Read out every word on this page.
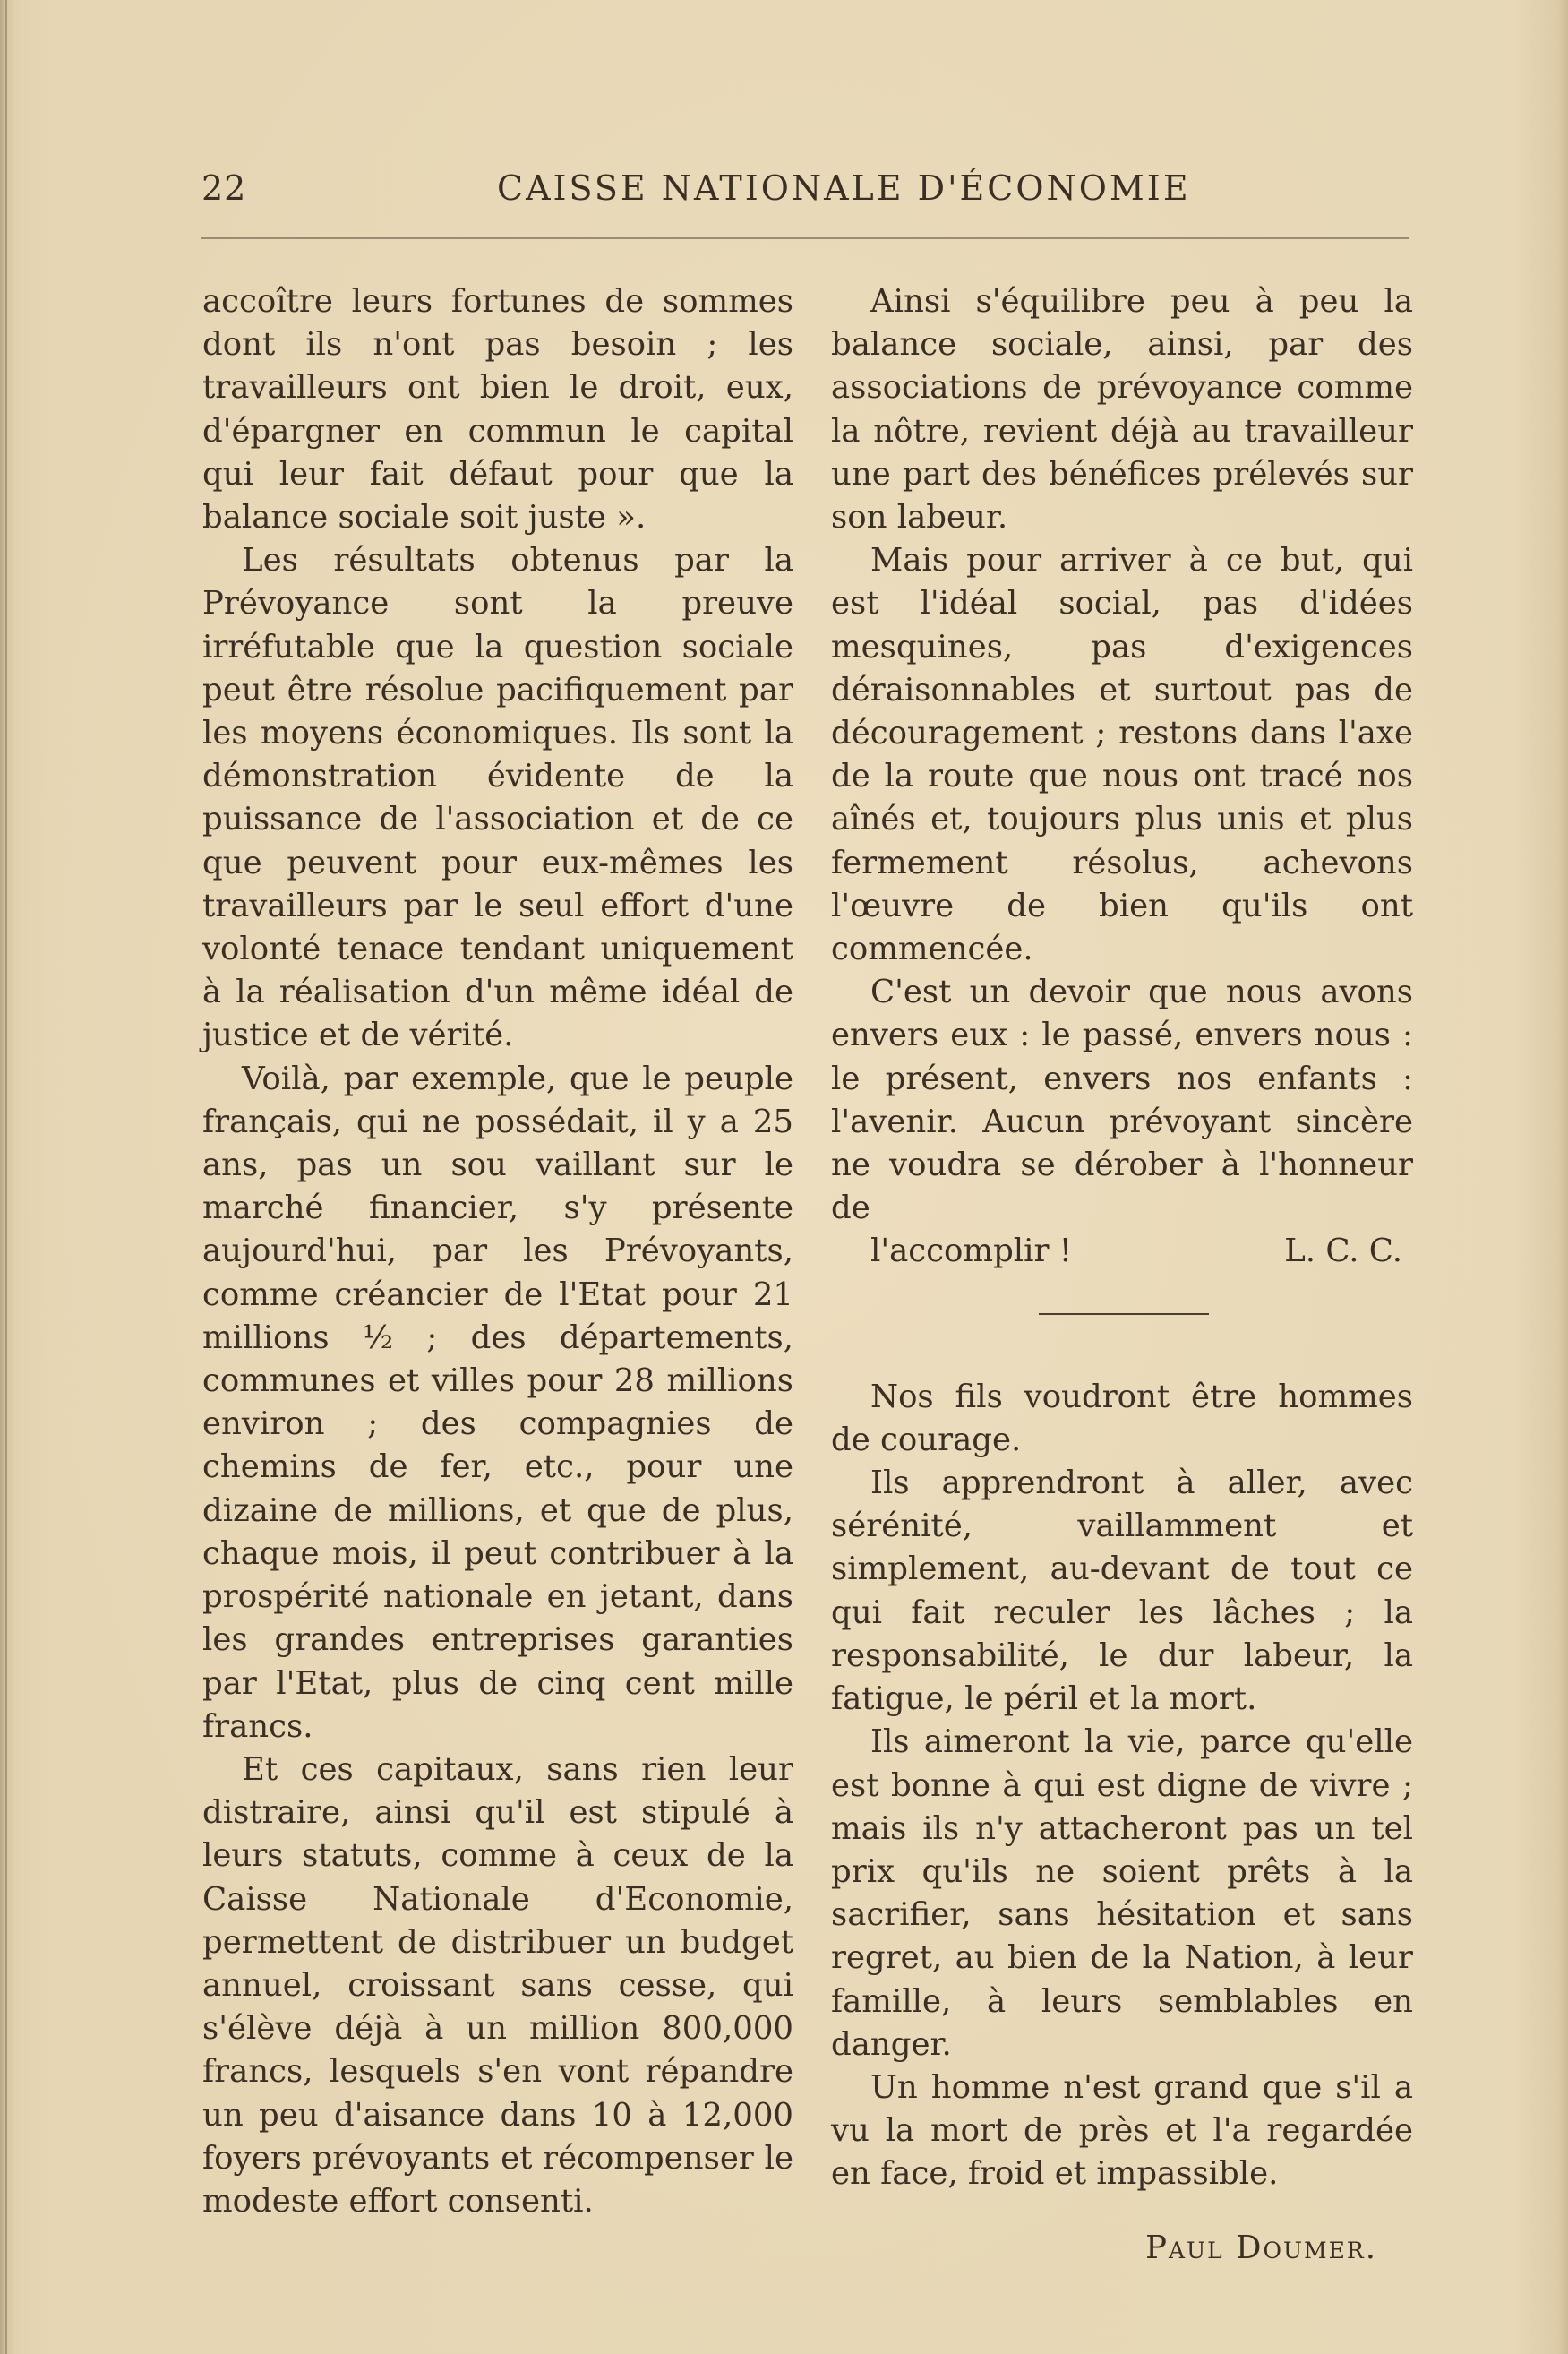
22	CAISSE NATIONALE D'ÉCONOMIE

accoître leurs fortunes de sommes dont ils n'ont pas besoin ; les travailleurs ont bien le droit, eux, d'épargner en commun le capital qui leur fait défaut pour que la balance sociale soit juste ».

Les résultats obtenus par la Prévoyance sont la preuve irréfutable que la question sociale peut être résolue pacifiquement par les moyens économiques. Ils sont la démonstration évidente de la puissance de l'association et de ce que peuvent pour eux-mêmes les travailleurs par le seul effort d'une volonté tenace tendant uniquement à la réalisation d'un même idéal de justice et de vérité.

Voilà, par exemple, que le peuple français, qui ne possédait, il y a 25 ans, pas un sou vaillant sur le marché financier, s'y présente aujourd'hui, par les Prévoyants, comme créancier de l'Etat pour 21 millions ½ ; des départements, communes et villes pour 28 millions environ ; des compagnies de chemins de fer, etc., pour une dizaine de millions, et que de plus, chaque mois, il peut contribuer à la prospérité nationale en jetant, dans les grandes entreprises garanties par l'Etat, plus de cinq cent mille francs.

Et ces capitaux, sans rien leur distraire, ainsi qu'il est stipulé à leurs statuts, comme à ceux de la Caisse Nationale d'Economie, permettent de distribuer un budget annuel, croissant sans cesse, qui s'élève déjà à un million 800,000 francs, lesquels s'en vont répandre un peu d'aisance dans 10 à 12,000 foyers prévoyants et récompenser le modeste effort consenti.

Ainsi s'équilibre peu à peu la balance sociale, ainsi, par des associations de prévoyance comme la nôtre, revient déjà au travailleur une part des bénéfices prélevés sur son labeur.

Mais pour arriver à ce but, qui est l'idéal social, pas d'idées mesquines, pas d'exigences déraisonnables et surtout pas de découragement ; restons dans l'axe de la route que nous ont tracé nos aînés et, toujours plus unis et plus fermement résolus, achevons l'œuvre de bien qu'ils ont commencée.

C'est un devoir que nous avons envers eux : le passé, envers nous : le présent, envers nos enfants : l'avenir. Aucun prévoyant sincère ne voudra se dérober à l'honneur de

l'accomplir !	L. C. C.

Nos fils voudront être hommes de courage.

Ils apprendront à aller, avec sérénité, vaillamment et simplement, au-devant de tout ce qui fait reculer les lâches ; la responsabilité, le dur labeur, la fatigue, le péril et la mort.

Ils aimeront la vie, parce qu'elle est bonne à qui est digne de vivre ; mais ils n'y attacheront pas un tel prix qu'ils ne soient prêts à la sacrifier, sans hésitation et sans regret, au bien de la Nation, à leur famille, à leurs semblables en danger.

Un homme n'est grand que s'il a vu la mort de près et l'a regardée en face, froid et impassible.

Paul Doumer.
